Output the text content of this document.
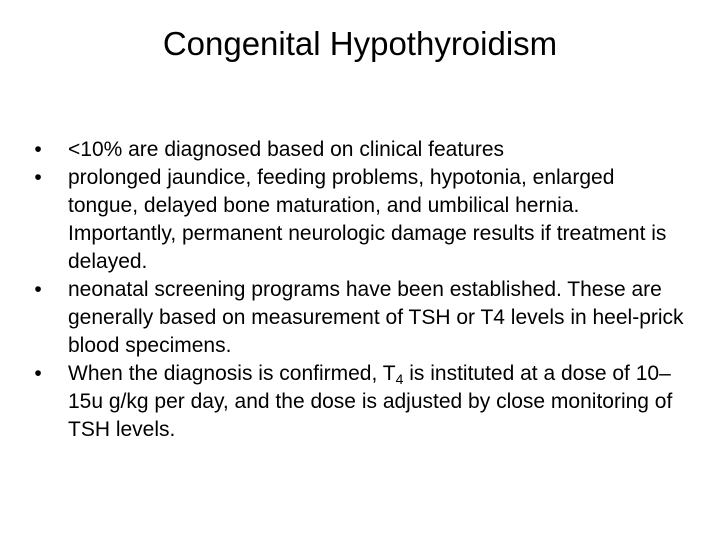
Congenital Hypothyroidism
• <10% are diagnosed based on clinical features
• prolonged jaundice, feeding problems, hypotonia, enlarged tongue, delayed bone maturation, and umbilical hernia. Importantly, permanent neurologic damage results if treatment is delayed.
• neonatal screening programs have been established. These are generally based on measurement of TSH or T4 levels in heel-prick blood specimens.
• When the diagnosis is confirmed, $T_4$ is instituted at a dose of 10–15u g/kg per day, and the dose is adjusted by close monitoring of TSH levels.
